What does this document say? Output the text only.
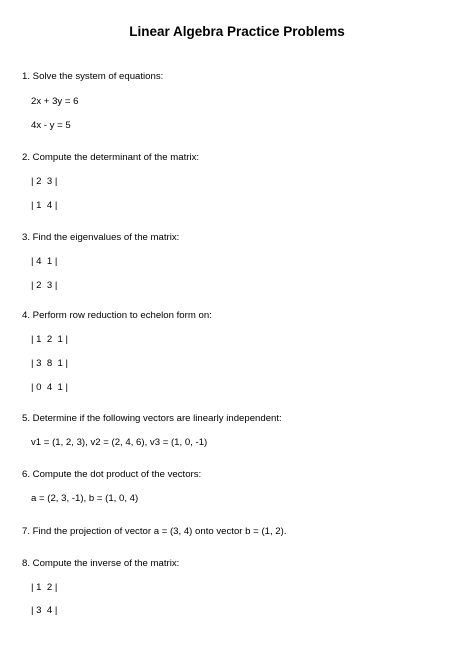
Linear Algebra Practice Problems
1. Solve the system of equations:
2x + 3y = 6
4x - y = 5
2. Compute the determinant of the matrix:
| 2  3 |
| 1  4 |
3. Find the eigenvalues of the matrix:
| 4  1 |
| 2  3 |
4. Perform row reduction to echelon form on:
| 1  2  1 |
| 3  8  1 |
| 0  4  1 |
5. Determine if the following vectors are linearly independent:
v1 = (1, 2, 3), v2 = (2, 4, 6), v3 = (1, 0, -1)
6. Compute the dot product of the vectors:
a = (2, 3, -1), b = (1, 0, 4)
7. Find the projection of vector a = (3, 4) onto vector b = (1, 2).
8. Compute the inverse of the matrix:
| 1  2 |
| 3  4 |
